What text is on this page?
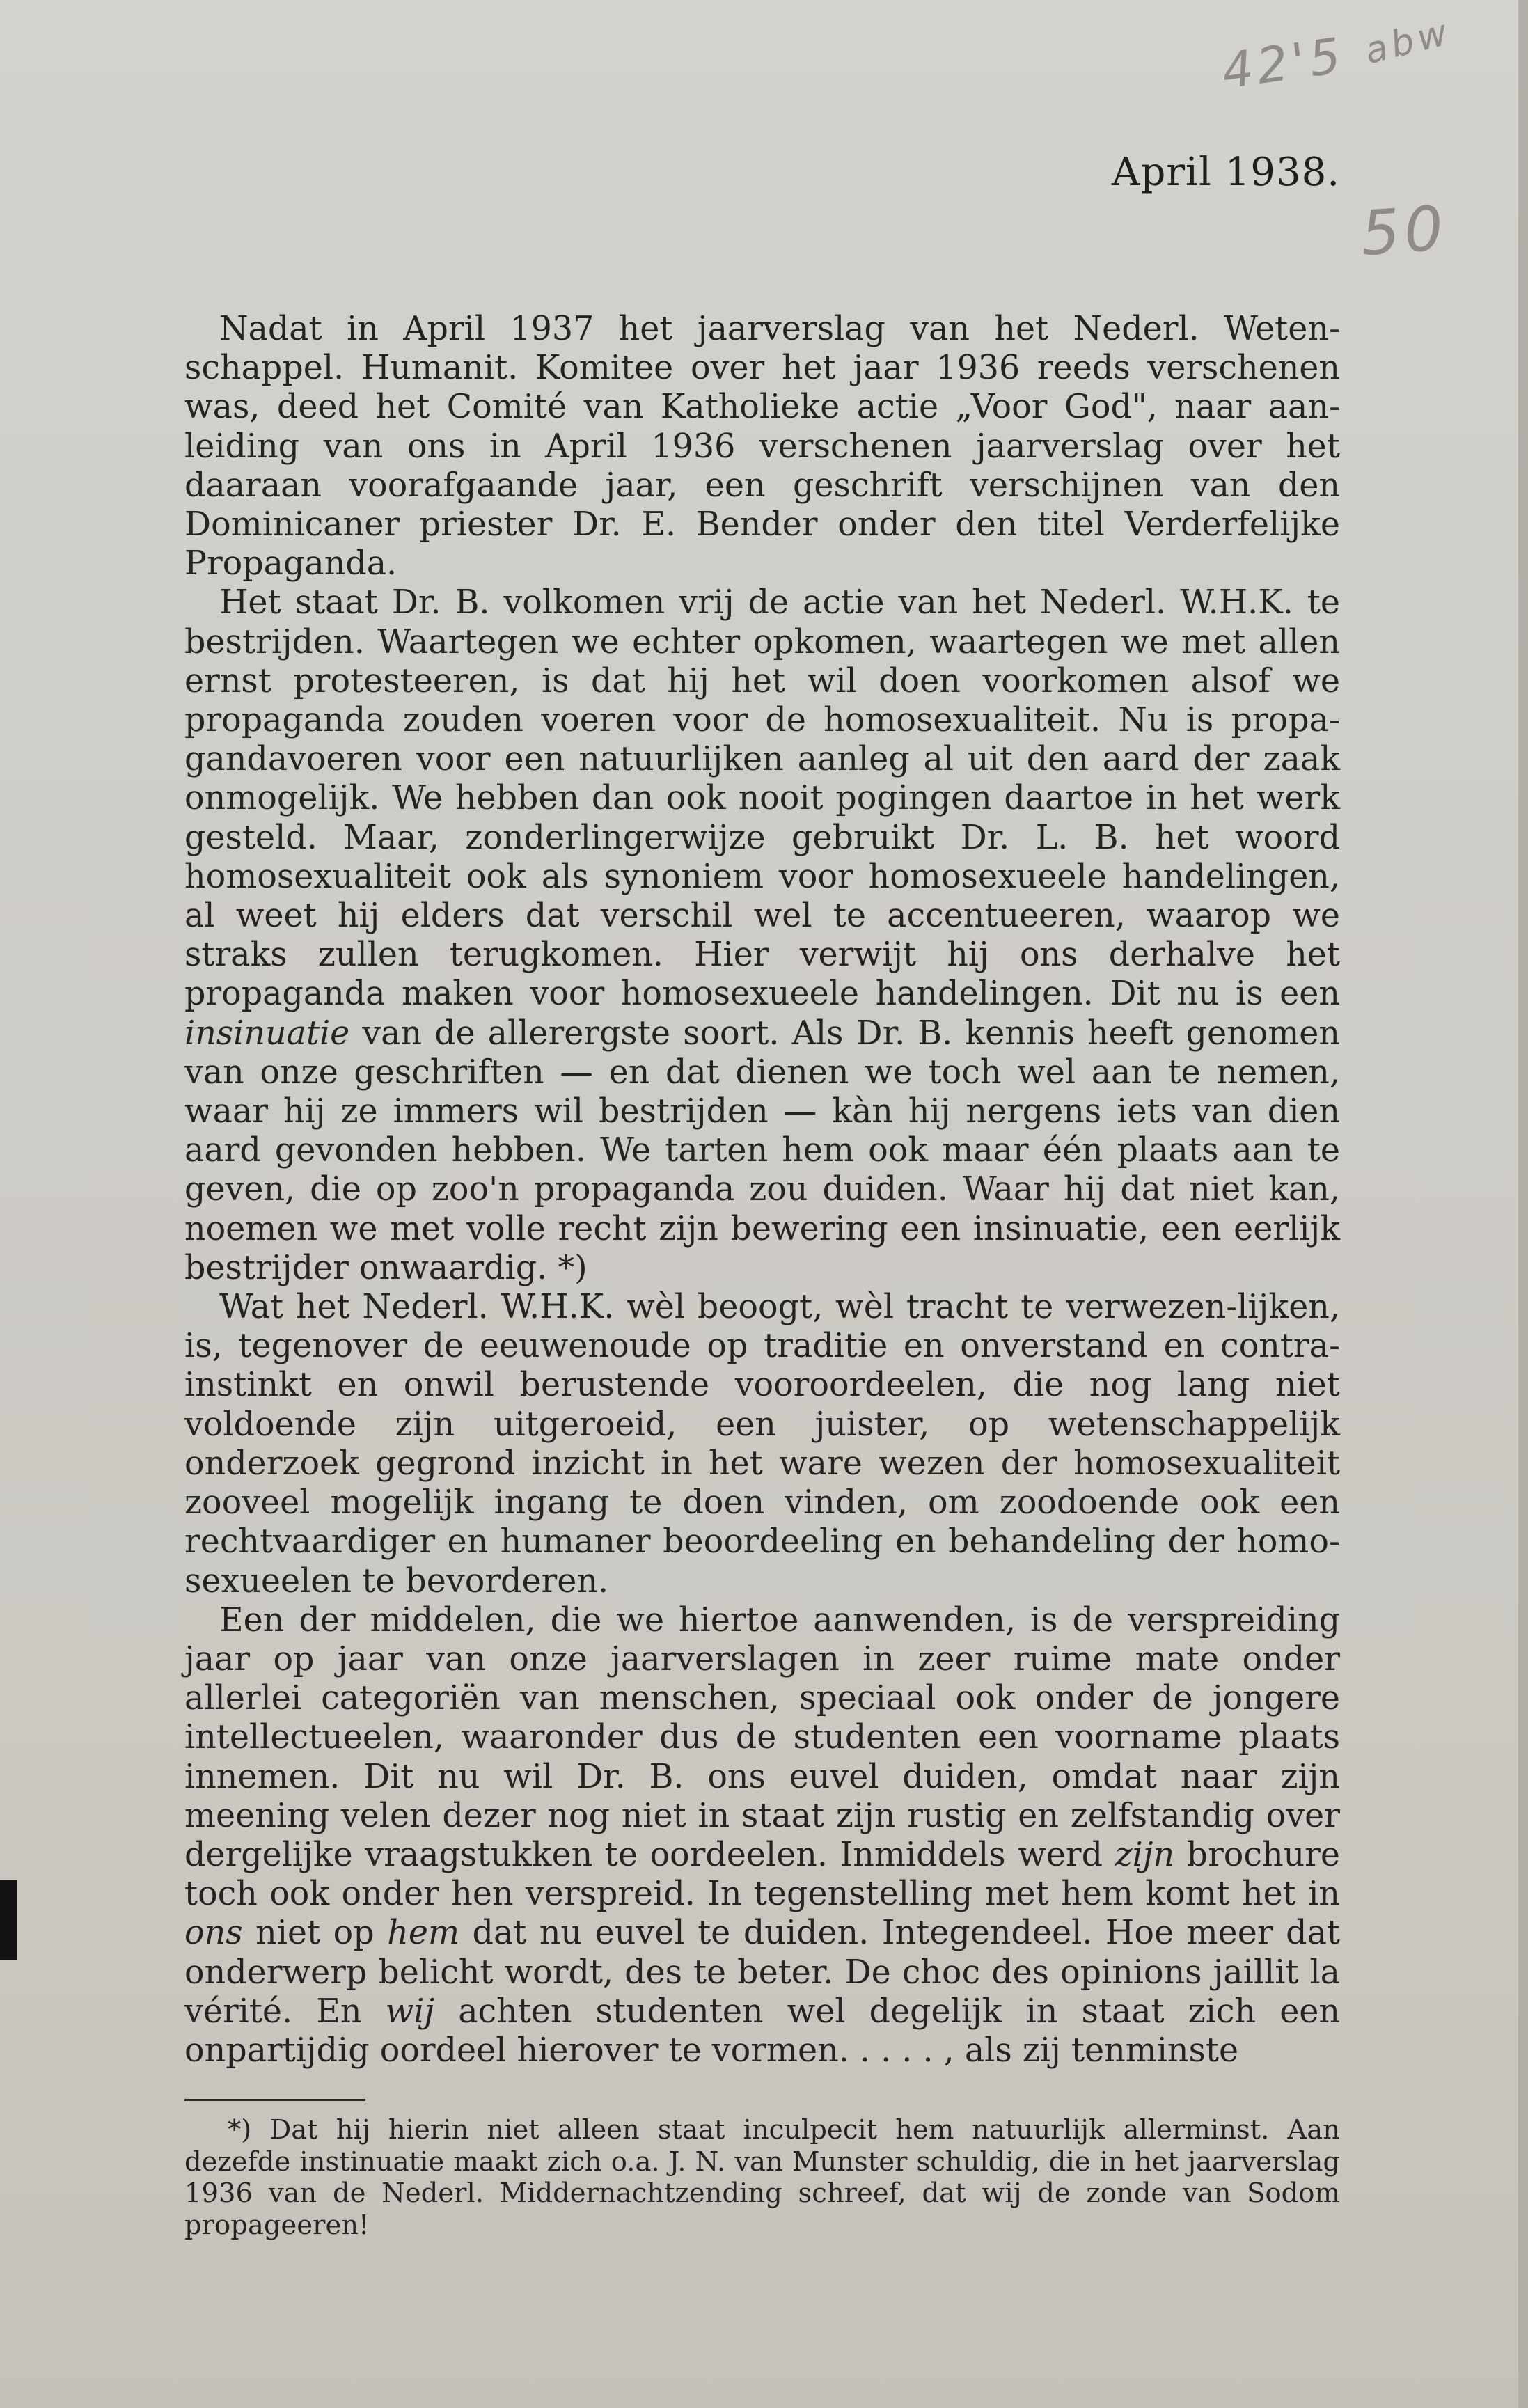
42'5 abw
50
April 1938.

Nadat in April 1937 het jaarverslag van het Nederl. Weten-schappel. Humanit. Komitee over het jaar 1936 reeds verschenen was, deed het Comité van Katholieke actie „Voor God", naar aan-leiding van ons in April 1936 verschenen jaarverslag over het daaraan voorafgaande jaar, een geschrift verschijnen van den Dominicaner priester Dr. E. Bender onder den titel Verderfelijke Propaganda.

Het staat Dr. B. volkomen vrij de actie van het Nederl. W.H.K. te bestrijden. Waartegen we echter opkomen, waartegen we met allen ernst protesteeren, is dat hij het wil doen voorkomen alsof we propaganda zouden voeren voor de homosexualiteit. Nu is propa-gandavoeren voor een natuurlijken aanleg al uit den aard der zaak onmogelijk. We hebben dan ook nooit pogingen daartoe in het werk gesteld. Maar, zonderlingerwijze gebruikt Dr. L. B. het woord homosexualiteit ook als synoniem voor homosexueele handelingen, al weet hij elders dat verschil wel te accentueeren, waarop we straks zullen terugkomen. Hier verwijt hij ons derhalve het propaganda maken voor homosexueele handelingen. Dit nu is een insinuatie van de allerergste soort. Als Dr. B. kennis heeft genomen van onze geschriften — en dat dienen we toch wel aan te nemen, waar hij ze immers wil bestrijden — kàn hij nergens iets van dien aard gevonden hebben. We tarten hem ook maar één plaats aan te geven, die op zoo'n propaganda zou duiden. Waar hij dat niet kan, noemen we met volle recht zijn bewering een insinuatie, een eerlijk bestrijder onwaardig. *)

Wat het Nederl. W.H.K. wèl beoogt, wèl tracht te verwezen-lijken, is, tegenover de eeuwenoude op traditie en onverstand en contra-instinkt en onwil berustende vooroordeelen, die nog lang niet voldoende zijn uitgeroeid, een juister, op wetenschappelijk onderzoek gegrond inzicht in het ware wezen der homosexualiteit zooveel mogelijk ingang te doen vinden, om zoodoende ook een rechtvaardiger en humaner beoordeeling en behandeling der homo-sexueelen te bevorderen.

Een der middelen, die we hiertoe aanwenden, is de verspreiding jaar op jaar van onze jaarverslagen in zeer ruime mate onder allerlei categoriën van menschen, speciaal ook onder de jongere intellectueelen, waaronder dus de studenten een voorname plaats innemen. Dit nu wil Dr. B. ons euvel duiden, omdat naar zijn meening velen dezer nog niet in staat zijn rustig en zelfstandig over dergelijke vraagstukken te oordeelen. Inmiddels werd zijn brochure toch ook onder hen verspreid. In tegenstelling met hem komt het in ons niet op hem dat nu euvel te duiden. Integendeel. Hoe meer dat onderwerp belicht wordt, des te beter. De choc des opinions jaillit la vérité. En wij achten studenten wel degelijk in staat zich een onpartijdig oordeel hierover te vormen. . . . . , als zij tenminste

*) Dat hij hierin niet alleen staat inculpecit hem natuurlijk allerminst. Aan dezefde instinuatie maakt zich o.a. J. N. van Munster schuldig, die in het jaarverslag 1936 van de Nederl. Middernachtzending schreef, dat wij de zonde van Sodom propageeren!
